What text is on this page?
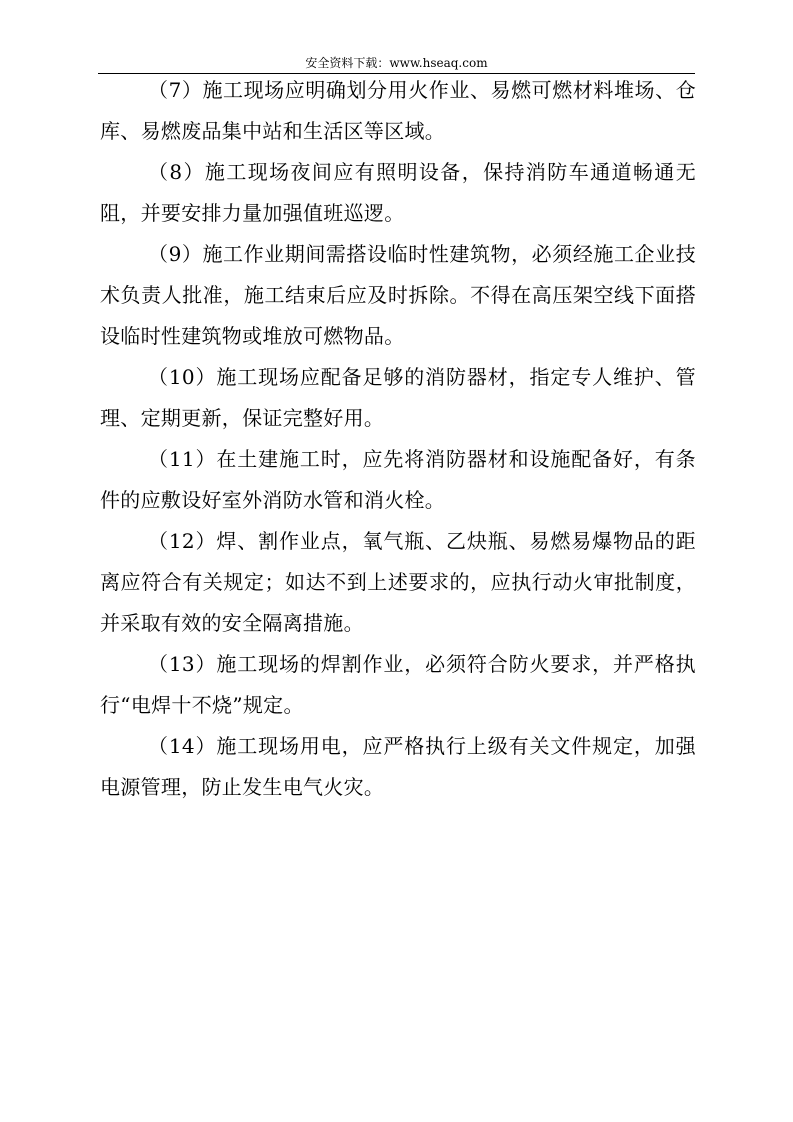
安全资料下载：www.hseaq.com

（7）施工现场应明确划分用火作业、易燃可燃材料堆场、仓库、易燃废品集中站和生活区等区域。

（8）施工现场夜间应有照明设备，保持消防车通道畅通无阻，并要安排力量加强值班巡逻。

（9）施工作业期间需搭设临时性建筑物，必须经施工企业技术负责人批准，施工结束后应及时拆除。不得在高压架空线下面搭设临时性建筑物或堆放可燃物品。

（10）施工现场应配备足够的消防器材，指定专人维护、管理、定期更新，保证完整好用。

（11）在土建施工时，应先将消防器材和设施配备好，有条件的应敷设好室外消防水管和消火栓。

（12）焊、割作业点，氧气瓶、乙炔瓶、易燃易爆物品的距离应符合有关规定；如达不到上述要求的，应执行动火审批制度，并采取有效的安全隔离措施。

（13）施工现场的焊割作业，必须符合防火要求，并严格执行“电焊十不烧”规定。

（14）施工现场用电，应严格执行上级有关文件规定，加强电源管理，防止发生电气火灾。
